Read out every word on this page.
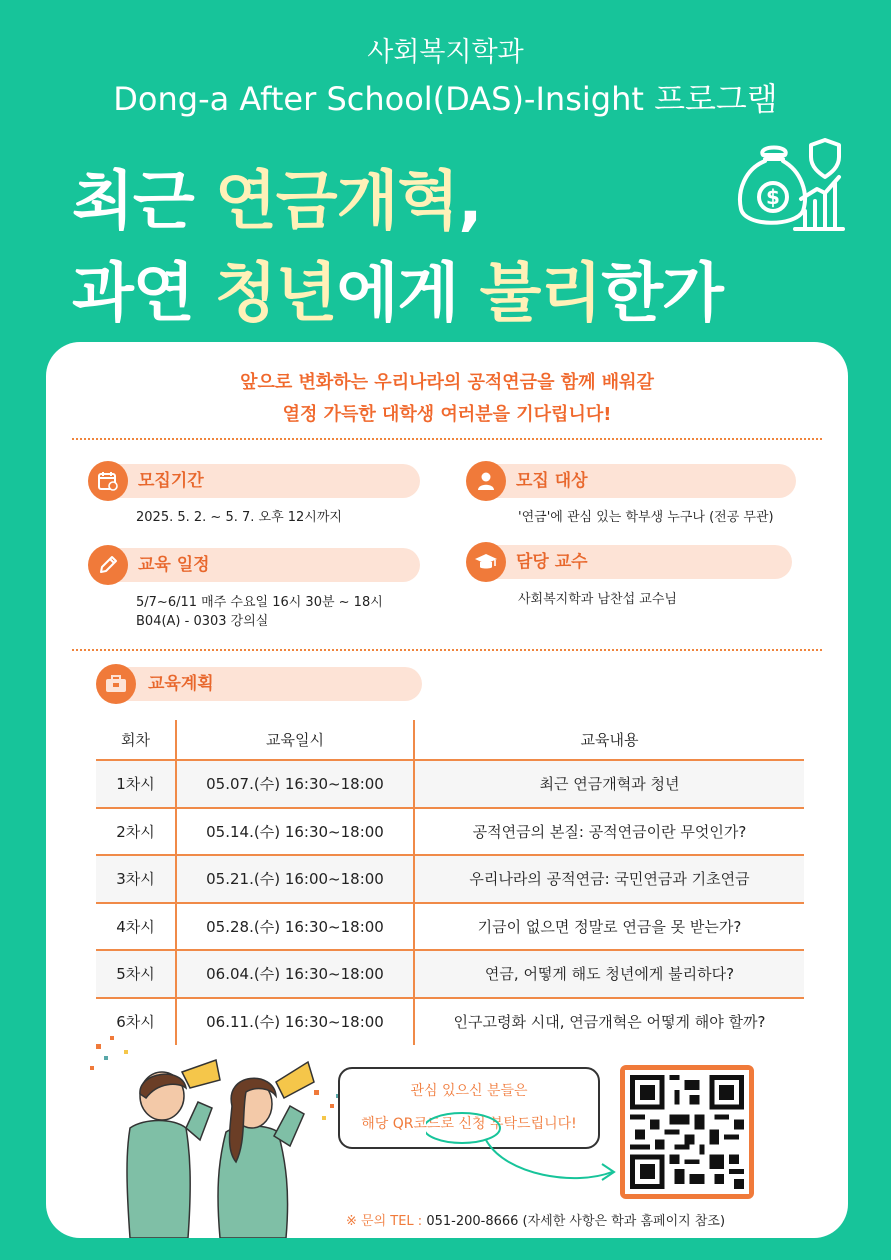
사회복지학과
Dong-a After School(DAS)-Insight 프로그램
최근 연금개혁,
과연 청년에게 불리한가
$
앞으로 변화하는 우리나라의 공적연금을 함께 배워갈
열정 가득한 대학생 여러분을 기다립니다!
모집기간
2025. 5. 2. ~ 5. 7. 오후 12시까지
모집 대상
'연금'에 관심 있는 학부생 누구나 (전공 무관)
교육 일정
5/7~6/11 매주 수요일 16시 30분 ~ 18시
B04(A) - 0303 강의실
담당 교수
사회복지학과 남찬섭 교수님
교육계획
회차	교육일시	교육내용
1차시	05.07.(수) 16:30~18:00	최근 연금개혁과 청년
2차시	05.14.(수) 16:30~18:00	공적연금의 본질: 공적연금이란 무엇인가?
3차시	05.21.(수) 16:00~18:00	우리나라의 공적연금: 국민연금과 기초연금
4차시	05.28.(수) 16:30~18:00	기금이 없으면 정말로 연금을 못 받는가?
5차시	06.04.(수) 16:30~18:00	연금, 어떻게 해도 청년에게 불리하다?
6차시	06.11.(수) 16:30~18:00	인구고령화 시대, 연금개혁은 어떻게 해야 할까?
관심 있으신 분들은
해당 QR코드로 신청 부탁드립니다!
※ 문의 TEL : 051-200-8666 (자세한 사항은 학과 홈페이지 참조)
